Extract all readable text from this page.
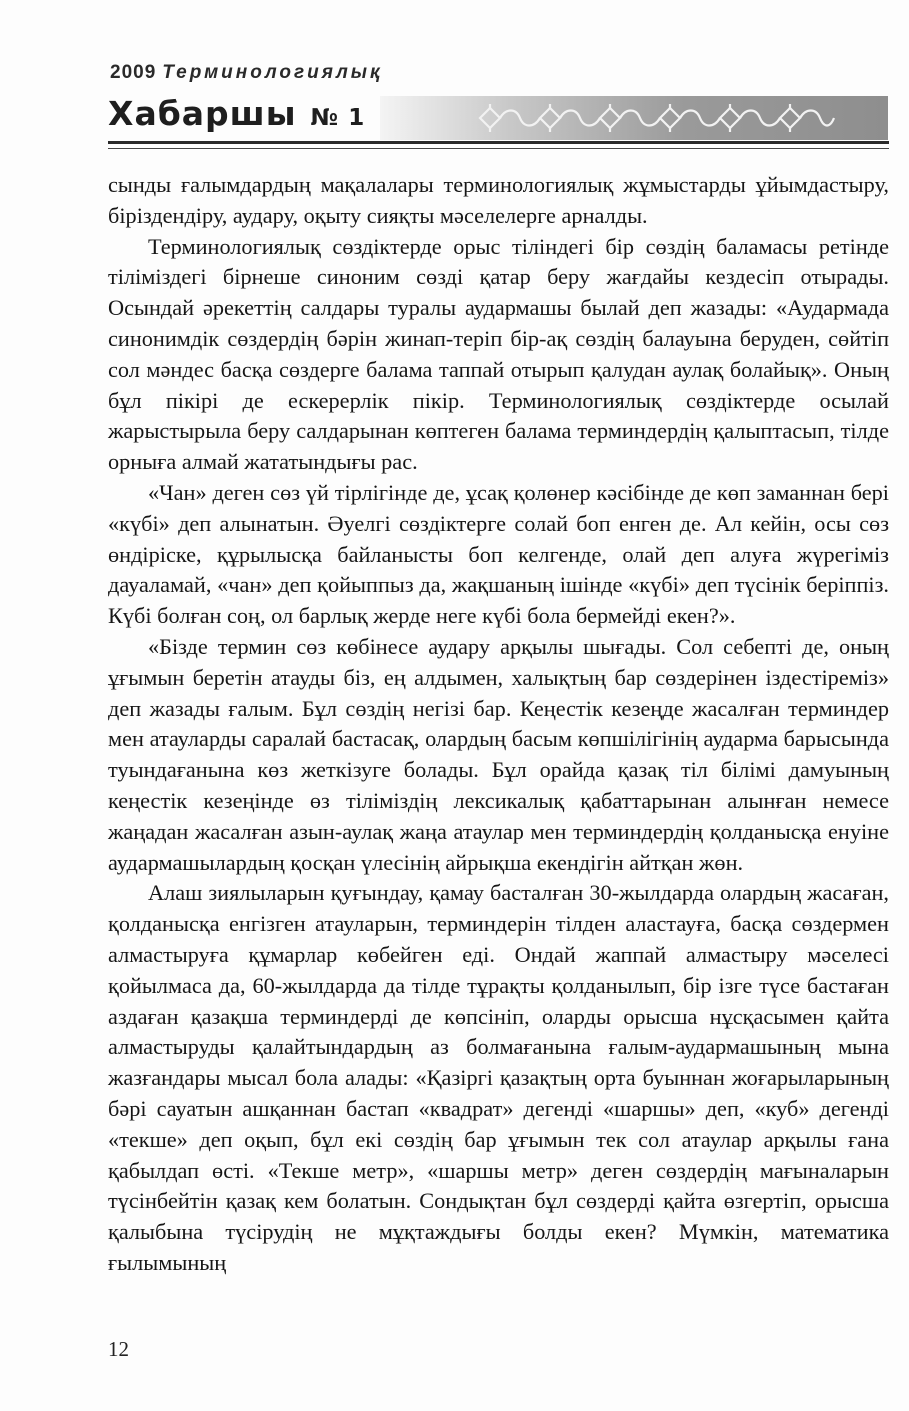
2009 Терминологиялық
Хабаршы № 1

сынды ғалымдардың мақалалары терминологиялық жұмыстарды ұйымдастыру, біріздендіру, аудару, оқыту сияқты мәселелерге арналды.

Терминологиялық сөздіктерде орыс тіліндегі бір сөздің баламасы ретінде тіліміздегі бірнеше синоним сөзді қатар беру жағдайы кездесіп отырады. Осындай әрекеттің салдары туралы аудармашы былай деп жазады: «Аудармада синонимдік сөздердің бәрін жинап-теріп бір-ақ сөздің балауына беруден, сөйтіп сол мәндес басқа сөздерге балама таппай отырып қалудан аулақ болайық». Оның бұл пікірі де ескерерлік пікір. Терминологиялық сөздіктерде осылай жарыстырыла беру салдарынан көптеген балама терминдердің қалыптасып, тілде орнығa алмай жататындығы рас.

«Чан» деген сөз үй тірлігінде де, ұсақ қолөнер кәсібінде де көп заманнан бері «күбі» деп алынатын. Әуелгі сөздіктерге солай боп енген де. Ал кейін, осы сөз өндіріске, құрылысқа байланысты боп келгенде, олай деп алуға жүрегіміз дауаламай, «чан» деп қойыппыз да, жақшаның ішінде «күбі» деп түсінік беріппіз. Күбі болған соң, ол барлық жерде неге күбі бола бермейді екен?».

«Бізде термин сөз көбінесе аудару арқылы шығады. Сол себепті де, оның ұғымын беретін атауды біз, ең алдымен, халықтың бар сөздерінен іздестіреміз» деп жазады ғалым. Бұл сөздің негізі бар. Кеңестік кезеңде жасалған терминдер мен атауларды саралай бастасақ, олардың басым көпшілігінің аударма барысында туындағанына көз жеткізуге болады. Бұл орайда қазақ тіл білімі дамуының кеңестік кезеңінде өз тіліміздің лексикалық қабаттарынан алынған немесе жаңадан жасалған азын-аулақ жаңа атаулар мен терминдердің қолданысқа енуіне аудармашылардың қосқан үлесінің айрықша екендігін айтқан жөн.

Алаш зиялыларын қуғындау, қамау басталған 30-жылдарда олардың жасаған, қолданысқа енгізген атауларын, терминдерін тілден аластауға, басқа сөздермен алмастыруға құмарлар көбейген еді. Ондай жаппай алмастыру мәселесі қойылмаса да, 60-жылдарда да тілде тұрақты қолданылып, бір ізге түсе бастаған аздаған қазақша терминдерді де көпсініп, оларды орысша нұсқасымен қайта алмастыруды қалайтындардың аз болмағанына ғалым-аудармашының мына жазғандары мысал бола алады: «Қазіргі қазақтың орта буыннан жоғарыларының бәрі сауатын ашқаннан бастап «квадрат» дегенді «шаршы» деп, «куб» дегенді «текше» деп оқып, бұл екі сөздің бар ұғымын тек сол атаулар арқылы ғана қабылдап өсті. «Текше метр», «шаршы метр» деген сөздердің мағыналарын түсінбейтін қазақ кем болатын. Сондықтан бұл сөздерді қайта өзгертіп, орысша қалыбына түсірудің не мұқтаждығы болды екен? Мүмкін, математика ғылымының

12
